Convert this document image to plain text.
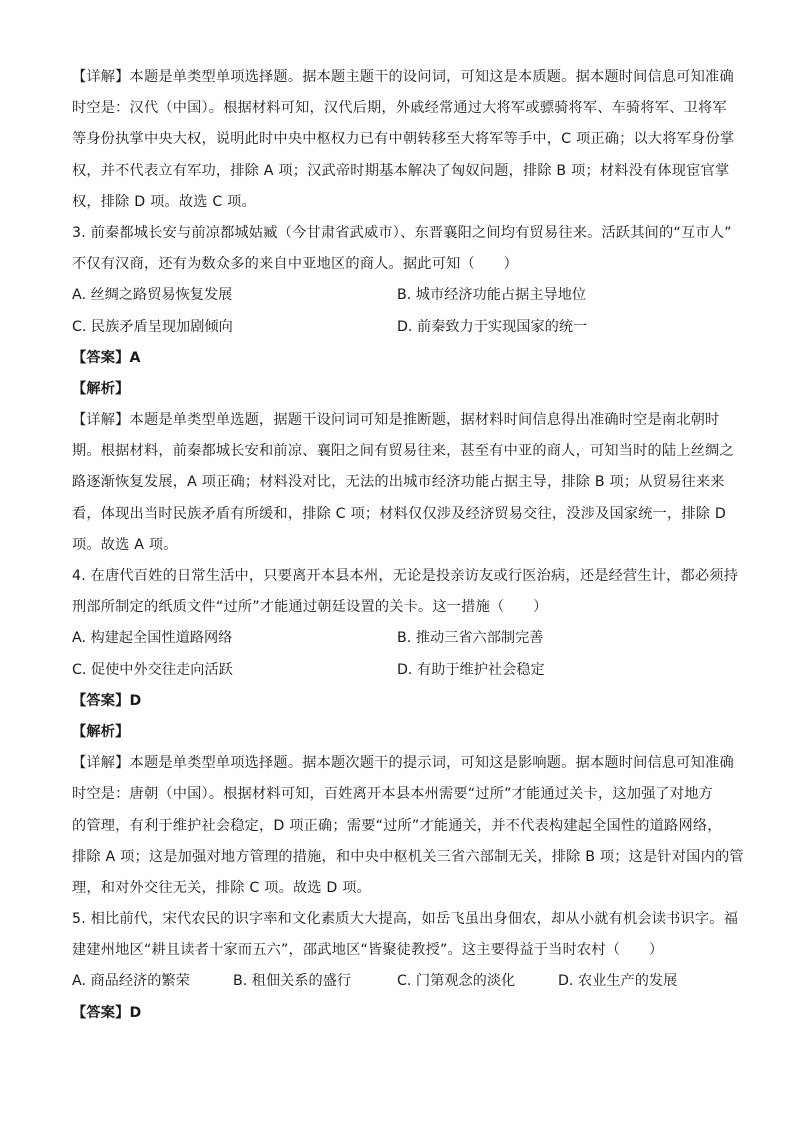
【详解】本题是单类型单项选择题。据本题主题干的设问词，可知这是本质题。据本题时间信息可知准确
时空是：汉代（中国）。根据材料可知，汉代后期，外戚经常通过大将军或骠骑将军、车骑将军、卫将军
等身份执掌中央大权，说明此时中央中枢权力已有中朝转移至大将军等手中，C 项正确；以大将军身份掌
权，并不代表立有军功，排除 A 项；汉武帝时期基本解决了匈奴问题，排除 B 项；材料没有体现宦官掌
权，排除 D 项。故选 C 项。
3. 前秦都城长安与前凉都城姑臧（今甘肃省武威市）、东晋襄阳之间均有贸易往来。活跃其间的“互市人”
不仅有汉商，还有为数众多的来自中亚地区的商人。据此可知（　　）
A. 丝绸之路贸易恢复发展	B. 城市经济功能占据主导地位
C. 民族矛盾呈现加剧倾向	D. 前秦致力于实现国家的统一
【答案】A
【解析】
【详解】本题是单类型单选题，据题干设问词可知是推断题，据材料时间信息得出准确时空是南北朝时
期。根据材料，前秦都城长安和前凉、襄阳之间有贸易往来，甚至有中亚的商人，可知当时的陆上丝绸之
路逐渐恢复发展，A 项正确；材料没对比，无法的出城市经济功能占据主导，排除 B 项；从贸易往来来
看，体现出当时民族矛盾有所缓和，排除 C 项；材料仅仅涉及经济贸易交往，没涉及国家统一，排除 D
项。故选 A 项。
4. 在唐代百姓的日常生活中，只要离开本县本州，无论是投亲访友或行医治病，还是经营生计，都必须持
刑部所制定的纸质文件“过所”才能通过朝廷设置的关卡。这一措施（　　）
A. 构建起全国性道路网络	B. 推动三省六部制完善
C. 促使中外交往走向活跃	D. 有助于维护社会稳定
【答案】D
【解析】
【详解】本题是单类型单项选择题。据本题次题干的提示词，可知这是影响题。据本题时间信息可知准确
时空是：唐朝（中国）。根据材料可知，百姓离开本县本州需要“过所”才能通过关卡，这加强了对地方
的管理，有利于维护社会稳定，D 项正确；需要“过所”才能通关，并不代表构建起全国性的道路网络，
排除 A 项；这是加强对地方管理的措施，和中央中枢机关三省六部制无关，排除 B 项；这是针对国内的管
理，和对外交往无关，排除 C 项。故选 D 项。
5. 相比前代，宋代农民的识字率和文化素质大大提高，如岳飞虽出身佃农，却从小就有机会读书识字。福
建建州地区“耕且读者十家而五六”，邵武地区“皆聚徒教授”。这主要得益于当时农村（　　）
A. 商品经济的繁荣	B. 租佃关系的盛行	C. 门第观念的淡化	D. 农业生产的发展
【答案】D
